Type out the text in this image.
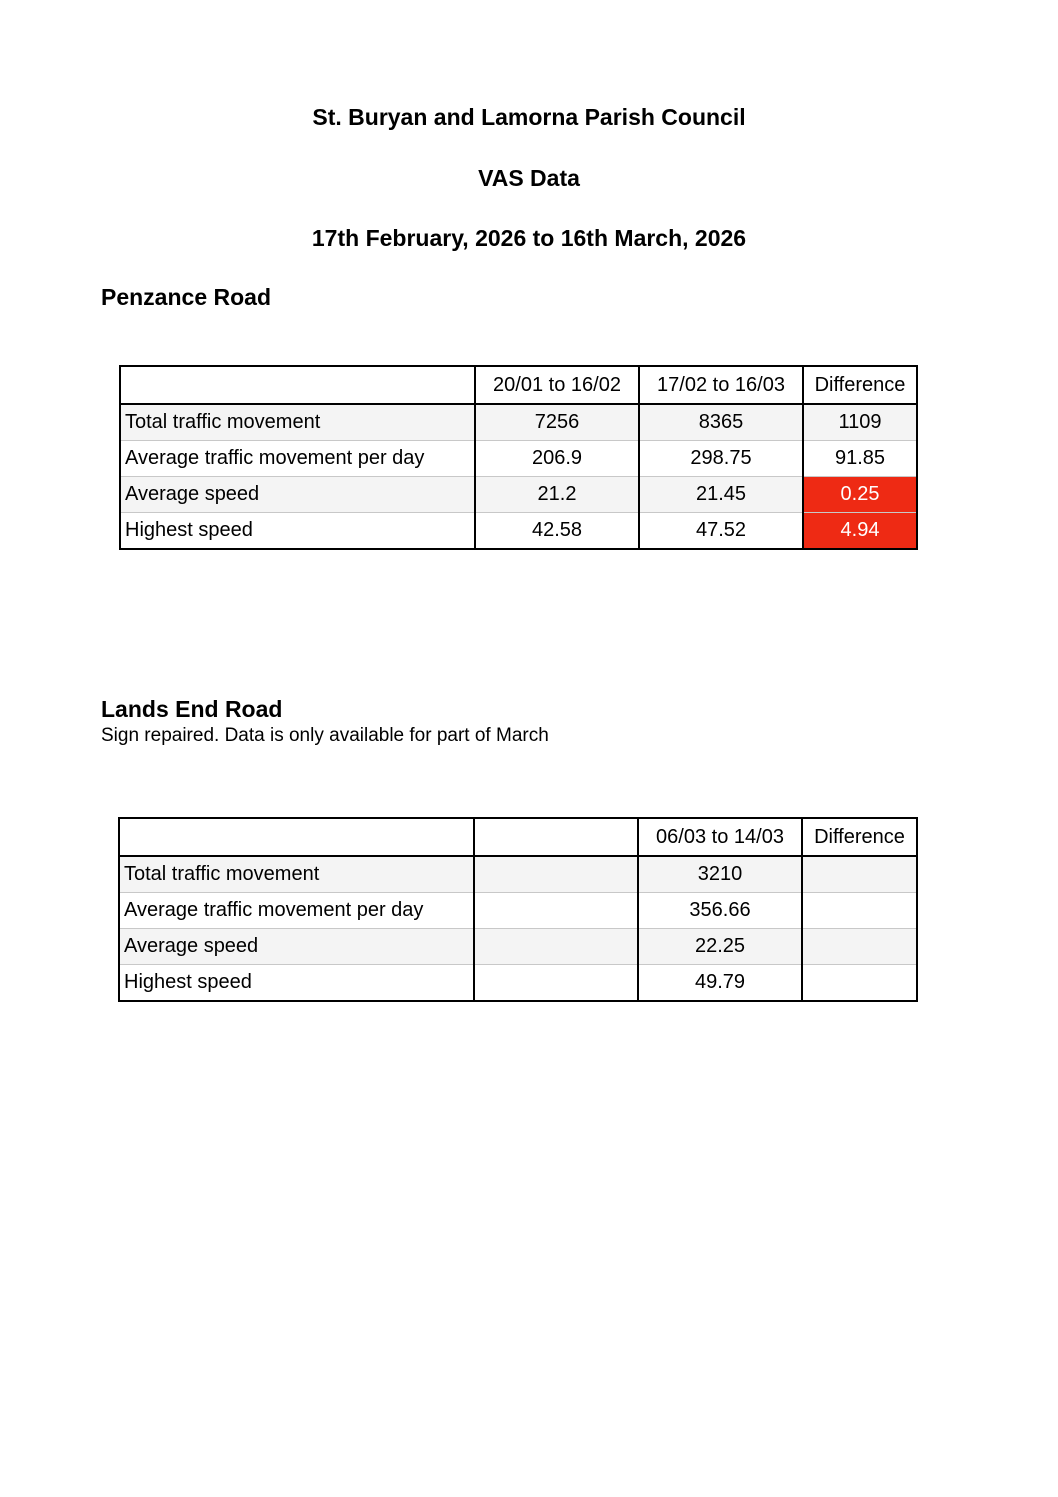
St. Buryan and Lamorna Parish Council
VAS Data
17th February, 2026 to 16th March, 2026
Penzance Road
	20/01 to 16/02	17/02 to 16/03	Difference
Total traffic movement	7256	8365	1109
Average traffic movement per day	206.9	298.75	91.85
Average speed	21.2	21.45	0.25
Highest speed	42.58	47.52	4.94
Lands End Road

Sign repaired. Data is only available for part of March

		06/03 to 14/03	Difference
Total traffic movement		3210	
Average traffic movement per day		356.66	
Average speed		22.25	
Highest speed		49.79	
